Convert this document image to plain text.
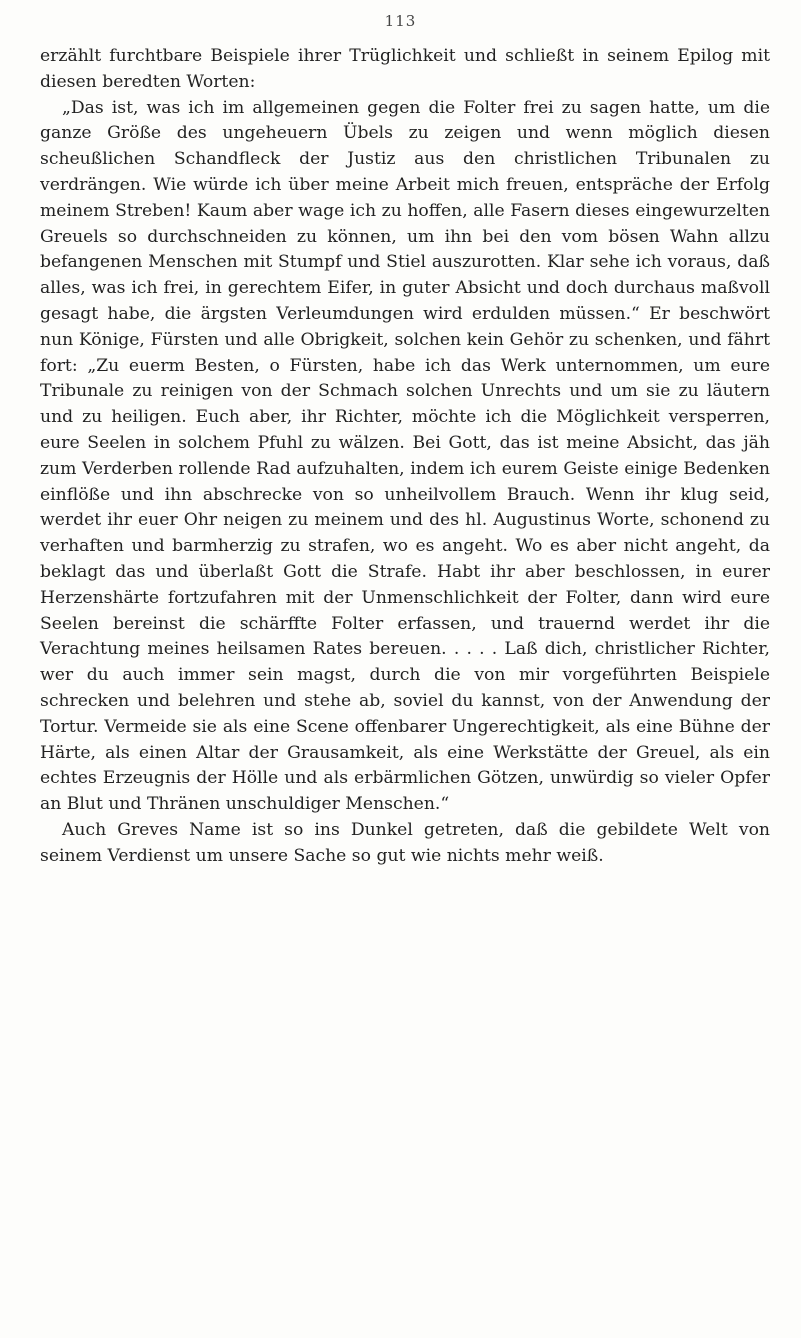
113

erzählt furchtbare Beispiele ihrer Trüglichkeit und schließt in seinem Epilog mit diesen beredten Worten:

„Das ist, was ich im allgemeinen gegen die Folter frei zu sagen hatte, um die ganze Größe des ungeheuern Übels zu zeigen und wenn möglich diesen scheußlichen Schandfleck der Justiz aus den christlichen Tribunalen zu verdrängen. Wie würde ich über meine Arbeit mich freuen, entspräche der Erfolg meinem Streben! Kaum aber wage ich zu hoffen, alle Fasern dieses eingewurzelten Greuels so durchschneiden zu können, um ihn bei den vom bösen Wahn allzu befangenen Menschen mit Stumpf und Stiel auszurotten. Klar sehe ich voraus, daß alles, was ich frei, in gerechtem Eifer, in guter Absicht und doch durchaus maßvoll gesagt habe, die ärgsten Verleumdungen wird erdulden müssen.“ Er beschwört nun Könige, Fürsten und alle Obrigkeit, solchen kein Gehör zu schenken, und fährt fort: „Zu euerm Besten, o Fürsten, habe ich das Werk unternommen, um eure Tribunale zu reinigen von der Schmach solchen Unrechts und um sie zu läutern und zu heiligen. Euch aber, ihr Richter, möchte ich die Möglichkeit versperren, eure Seelen in solchem Pfuhl zu wälzen. Bei Gott, das ist meine Absicht, das jäh zum Verderben rollende Rad aufzuhalten, indem ich eurem Geiste einige Bedenken einflöße und ihn abschrecke von so unheilvollem Brauch. Wenn ihr klug seid, werdet ihr euer Ohr neigen zu meinem und des hl. Augustinus Worte, schonend zu verhaften und barmherzig zu strafen, wo es angeht. Wo es aber nicht angeht, da beklagt das und überlaßt Gott die Strafe. Habt ihr aber beschlossen, in eurer Herzenshärte fortzufahren mit der Unmenschlichkeit der Folter, dann wird eure Seelen bereinst die schärffte Folter erfassen, und trauernd werdet ihr die Verachtung meines heilsamen Rates bereuen. . . . . Laß dich, christlicher Richter, wer du auch immer sein magst, durch die von mir vorgeführten Beispiele schrecken und belehren und stehe ab, soviel du kannst, von der Anwendung der Tortur. Vermeide sie als eine Scene offenbarer Ungerechtigkeit, als eine Bühne der Härte, als einen Altar der Grausamkeit, als eine Werkstätte der Greuel, als ein echtes Erzeugnis der Hölle und als erbärmlichen Götzen, unwürdig so vieler Opfer an Blut und Thränen unschuldiger Menschen.“

Auch Greves Name ist so ins Dunkel getreten, daß die gebildete Welt von seinem Verdienst um unsere Sache so gut wie nichts mehr weiß.
